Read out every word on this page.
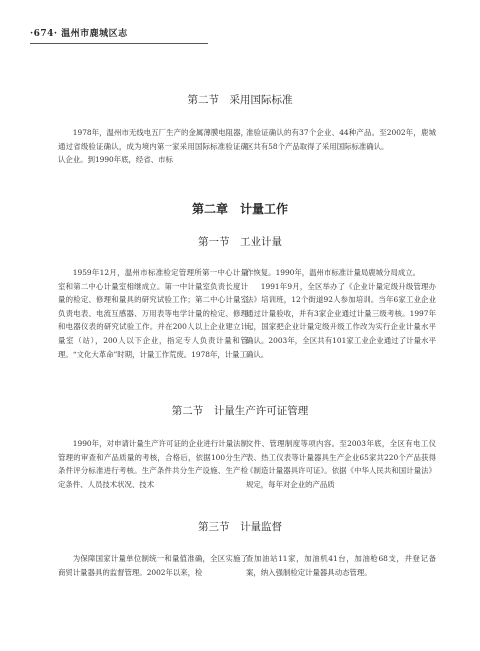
·674· 温州市鹿城区志
第二节　采用国际标准

1978年，温州市无线电五厂生产的金属薄膜电阻器，通过省级验证确认，成为境内第一家采用国际标准验证确认企业。到1990年底，经省、市标

准验证确认的有37个企业、44种产品。至2002年，鹿城区共有58个产品取得了采用国际标准确认。

第二章　计量工作
第一节　工业计量

1959年12月，温州市标准检定管理所第一中心计量室和第二中心计量室相继成立。第一中计量室负责长度计量的检定、修理和量具的研究试验工作；第二中心计量室负责电表、电流互感器、万用表等电学计量的检定、修理和电器仪表的研究试验工作。并在200人以上企业建立计量室（站），200人以下企业，指定专人负责计量和管理。“文化大革命”时期，计量工作荒废。1978年，计量工

作恢复。1990年，温州市标准计量局鹿城分局成立。

1991年9月，全区举办了《企业计量定级升级管理办法》培训班，12个街道92人参加培训。当年6家工业企业通过计量验收，并有3家企业通过计量三级考核。1997年起，国家把企业计量定级升级工作改为实行企业计量水平确认。2003年，全区共有101家工业企业通过了计量水平确认。

第二节　计量生产许可证管理

1990年，对申请计量生产许可证的企业进行计量法制管理的审查和产品质量的考核，合格后，依据100分生产条件评分标准进行考核。生产条件共分生产设施、生产检定条件、人员技术状况、技术

文件、管理制度等项内容。至2003年底，全区有电工仪表、热工仪表等计量器具生产企业65家共220个产品获得《制造计量器具许可证》。依据《中华人民共和国计量法》规定，每年对企业的产品质

第三节　计量监督

为保障国家计量单位制统一和量值准确，全区实施了商贸计量器具的监督管理。2002年以来，检

查加油站11家，加油机41台，加油枪68支，并登记备案，纳入强制检定计量器具动态管理。
